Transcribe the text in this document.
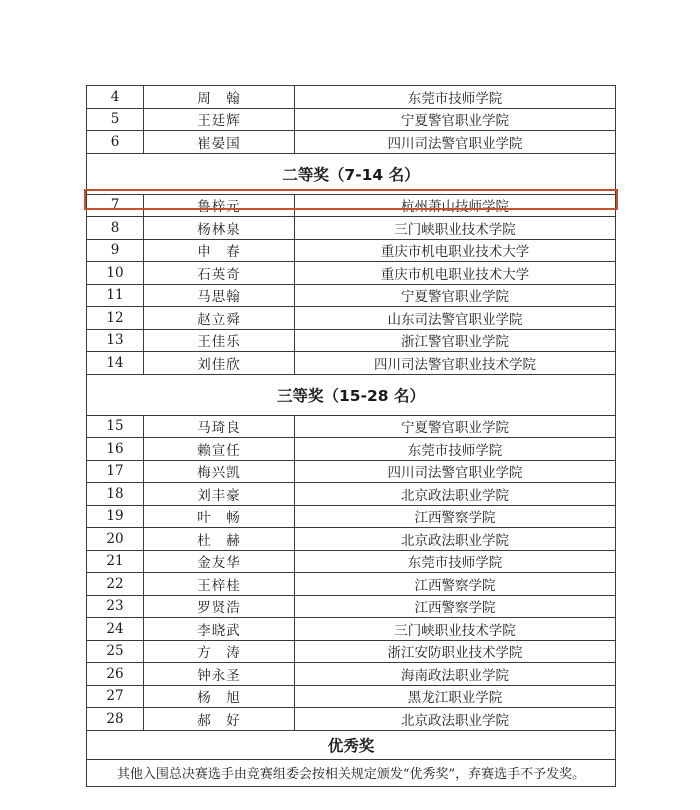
4	周　翰	东莞市技师学院
5	王廷辉	宁夏警官职业学院
6	崔晏国	四川司法警官职业学院
二等奖（7-14 名）		
7	鲁梓元	杭州萧山技师学院
8	杨林泉	三门峡职业技术学院
9	申　春	重庆市机电职业技术大学
10	石英奇	重庆市机电职业技术大学
11	马思翰	宁夏警官职业学院
12	赵立舜	山东司法警官职业学院
13	王佳乐	浙江警官职业学院
14	刘佳欣	四川司法警官职业技术学院
三等奖（15-28 名）		
15	马琦良	宁夏警官职业学院
16	赖宣任	东莞市技师学院
17	梅兴凯	四川司法警官职业学院
18	刘丰豪	北京政法职业学院
19	叶　畅	江西警察学院
20	杜　赫	北京政法职业学院
21	金友华	东莞市技师学院
22	王梓桂	江西警察学院
23	罗贤浩	江西警察学院
24	李晓武	三门峡职业技术学院
25	方　涛	浙江安防职业技术学院
26	钟永圣	海南政法职业学院
27	杨　旭	黑龙江职业学院
28	郝　好	北京政法职业学院
优秀奖		
其他入围总决赛选手由竞赛组委会按相关规定颁发“优秀奖”，弃赛选手不予发奖。		
